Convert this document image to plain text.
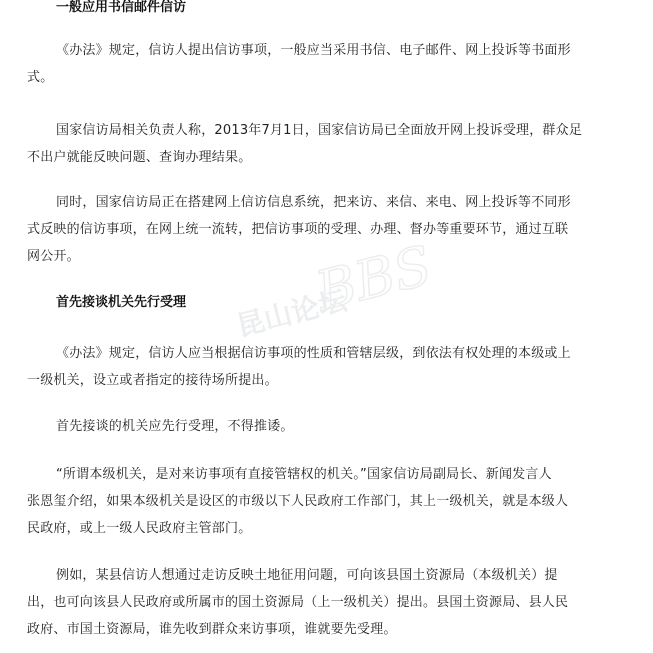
一般应用书信邮件信访
《办法》规定，信访人提出信访事项，一般应当采用书信、电子邮件、网上投诉等书面形
式。
国家信访局相关负责人称，2013年7月1日，国家信访局已全面放开网上投诉受理，群众足
不出户就能反映问题、查询办理结果。
同时，国家信访局正在搭建网上信访信息系统，把来访、来信、来电、网上投诉等不同形
式反映的信访事项，在网上统一流转，把信访事项的受理、办理、督办等重要环节，通过互联
网公开。
首先接谈机关先行受理
《办法》规定，信访人应当根据信访事项的性质和管辖层级，到依法有权处理的本级或上
一级机关，设立或者指定的接待场所提出。
首先接谈的机关应先行受理，不得推诿。
“所谓本级机关，是对来访事项有直接管辖权的机关。”国家信访局副局长、新闻发言人
张恩玺介绍，如果本级机关是设区的市级以下人民政府工作部门，其上一级机关，就是本级人
民政府，或上一级人民政府主管部门。
例如，某县信访人想通过走访反映土地征用问题，可向该县国土资源局（本级机关）提
出，也可向该县人民政府或所属市的国土资源局（上一级机关）提出。县国土资源局、县人民
政府、市国土资源局，谁先收到群众来访事项，谁就要先受理。
昆山论坛
BBS
